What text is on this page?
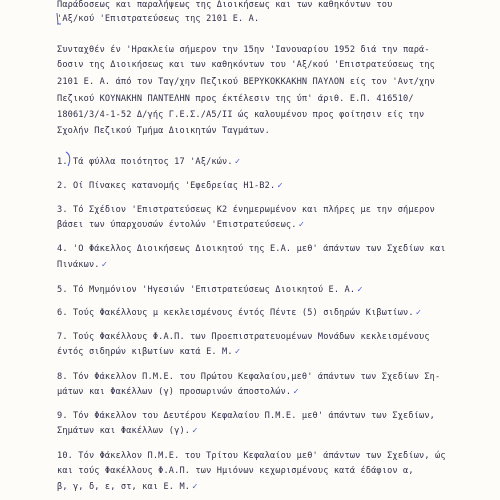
Παράδοσεως και παραλήψεως της Διοικήσεως και των καθηκόντων του
'Αξ/κού 'Επιστρατεύσεως της 2101 Ε. Α.
Συνταχθέν έν 'Ηρακλείω σήμερον την 15ην 'Ιανουαρίου 1952 διά την παρά-
δοσιν της Διοικήσεως και των καθηκόντων του 'Αξ/κού 'Επιστρατεύσεως της
2101 Ε. Α. άπό τον Ταγ/χην Πεζικού ΒΕΡΥΚΟΚΚΑΚΗΝ ΠΑΥΛΟΝ είς τον 'Αντ/χην
Πεζικού ΚΟΥΝΑΚΗΝ ΠΑΝΤΕΛΗΝ προς έκτέλεσιν της ύπ' άριθ. Ε.Π. 416510/
18061/3/4-1-52 Δ/γής Γ.Ε.Σ./Α5/ΙΙ ώς καλουμένου προς φοίτησιν είς την
Σχολήν Πεζικού Τμήμα Διοικητών Ταγμάτων.
1. Τά φύλλα ποιότητος 17 'Αξ/κών. ✓
2. Οί Πίνακες κατανομής 'Εφεδρείας Η1-Β2. ✓
3. Τό Σχέδιον 'Επιστρατεύσεως Κ2 ένημερωμένον και πλήρες με την σήμερον
βάσει των ύπαρχουσών έντολών 'Επιστρατεύσεως. ✓
4. 'Ο Φάκελλος Διοικήσεως Διοικητού της Ε.Α. μεθ' άπάντων των Σχεδίων και
Πινάκων. ✓
5. Τό Μνημόνιον 'Ηγεσιών 'Επιστρατεύσεως Διοικητού Ε. Α. ✓
6. Τούς Φακέλλους μ κεκλεισμένους έντός Πέντε (5) σιδηρών Κιβωτίων. ✓
7. Τούς Φακέλλους Φ.Α.Π. των Προεπιστρατευομένων Μονάδων κεκλεισμένους
έντός σιδηρών κιβωτίων κατά Ε. Μ. ✓
8. Τόν Φάκελλον Π.Μ.Ε. του Πρώτου Κεφαλαίου,μεθ' άπάντων των Σχεδίων Ση-
μάτων και Φακέλλων (γ) προσωρινών άποστολών. ✓
9. Τόν Φάκελλον του Δευτέρου Κεφαλαίου Π.Μ.Ε. μεθ' άπάντων των Σχεδίων,
Σημάτων και Φακέλλων (γ). ✓
10. Τόν Φάκελλον Π.Μ.Ε. του Τρίτου Κεφαλαίου μεθ' άπάντων των Σχεδίων, ώς
και τούς Φακέλλους Φ.Α.Π. των Ημιόνων κεχωρισμένους κατά έδάφιον α,
β, γ, δ, ε, στ, και Ε. Μ. ✓
